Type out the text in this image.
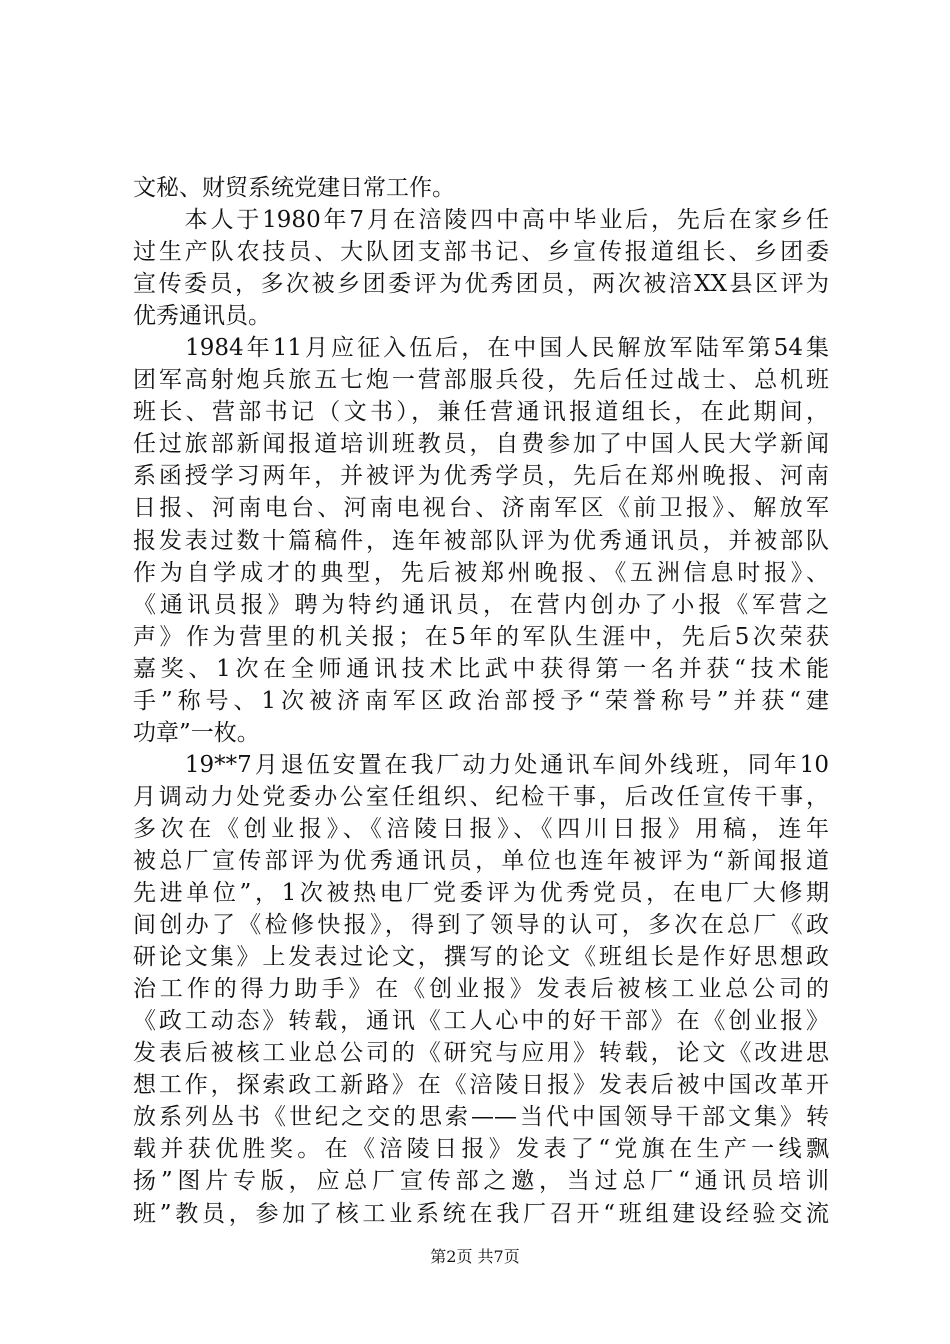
文秘、财贸系统党建日常工作。
　　本人于1980年7月在涪陵四中高中毕业后，先后在家乡任
过生产队农技员、大队团支部书记、乡宣传报道组长、乡团委
宣传委员，多次被乡团委评为优秀团员，两次被涪XX县区评为
优秀通讯员。
　　1984年11月应征入伍后，在中国人民解放军陆军第54集
团军高射炮兵旅五七炮一营部服兵役，先后任过战士、总机班
班长、营部书记（文书），兼任营通讯报道组长，在此期间，
任过旅部新闻报道培训班教员，自费参加了中国人民大学新闻
系函授学习两年，并被评为优秀学员，先后在郑州晚报、河南
日报、河南电台、河南电视台、济南军区《前卫报》、解放军
报发表过数十篇稿件，连年被部队评为优秀通讯员，并被部队
作为自学成才的典型，先后被郑州晚报、《五洲信息时报》、
《通讯员报》聘为特约通讯员，在营内创办了小报《军营之
声》作为营里的机关报；在5年的军队生涯中，先后5次荣获
嘉奖、1次在全师通讯技术比武中获得第一名并获“技术能
手”称号、1次被济南军区政治部授予“荣誉称号”并获“建
功章”一枚。
　　19**7月退伍安置在我厂动力处通讯车间外线班，同年10
月调动力处党委办公室任组织、纪检干事，后改任宣传干事，
多次在《创业报》、《涪陵日报》、《四川日报》用稿，连年
被总厂宣传部评为优秀通讯员，单位也连年被评为“新闻报道
先进单位”，1次被热电厂党委评为优秀党员，在电厂大修期
间创办了《检修快报》，得到了领导的认可，多次在总厂《政
研论文集》上发表过论文，撰写的论文《班组长是作好思想政
治工作的得力助手》在《创业报》发表后被核工业总公司的
《政工动态》转载，通讯《工人心中的好干部》在《创业报》
发表后被核工业总公司的《研究与应用》转载，论文《改进思
想工作，探索政工新路》在《涪陵日报》发表后被中国改革开
放系列丛书《世纪之交的思索——当代中国领导干部文集》转
载并获优胜奖。在《涪陵日报》发表了“党旗在生产一线飘
扬”图片专版，应总厂宣传部之邀，当过总厂“通讯员培训
班”教员，参加了核工业系统在我厂召开“班组建设经验交流
第2页 共7页
